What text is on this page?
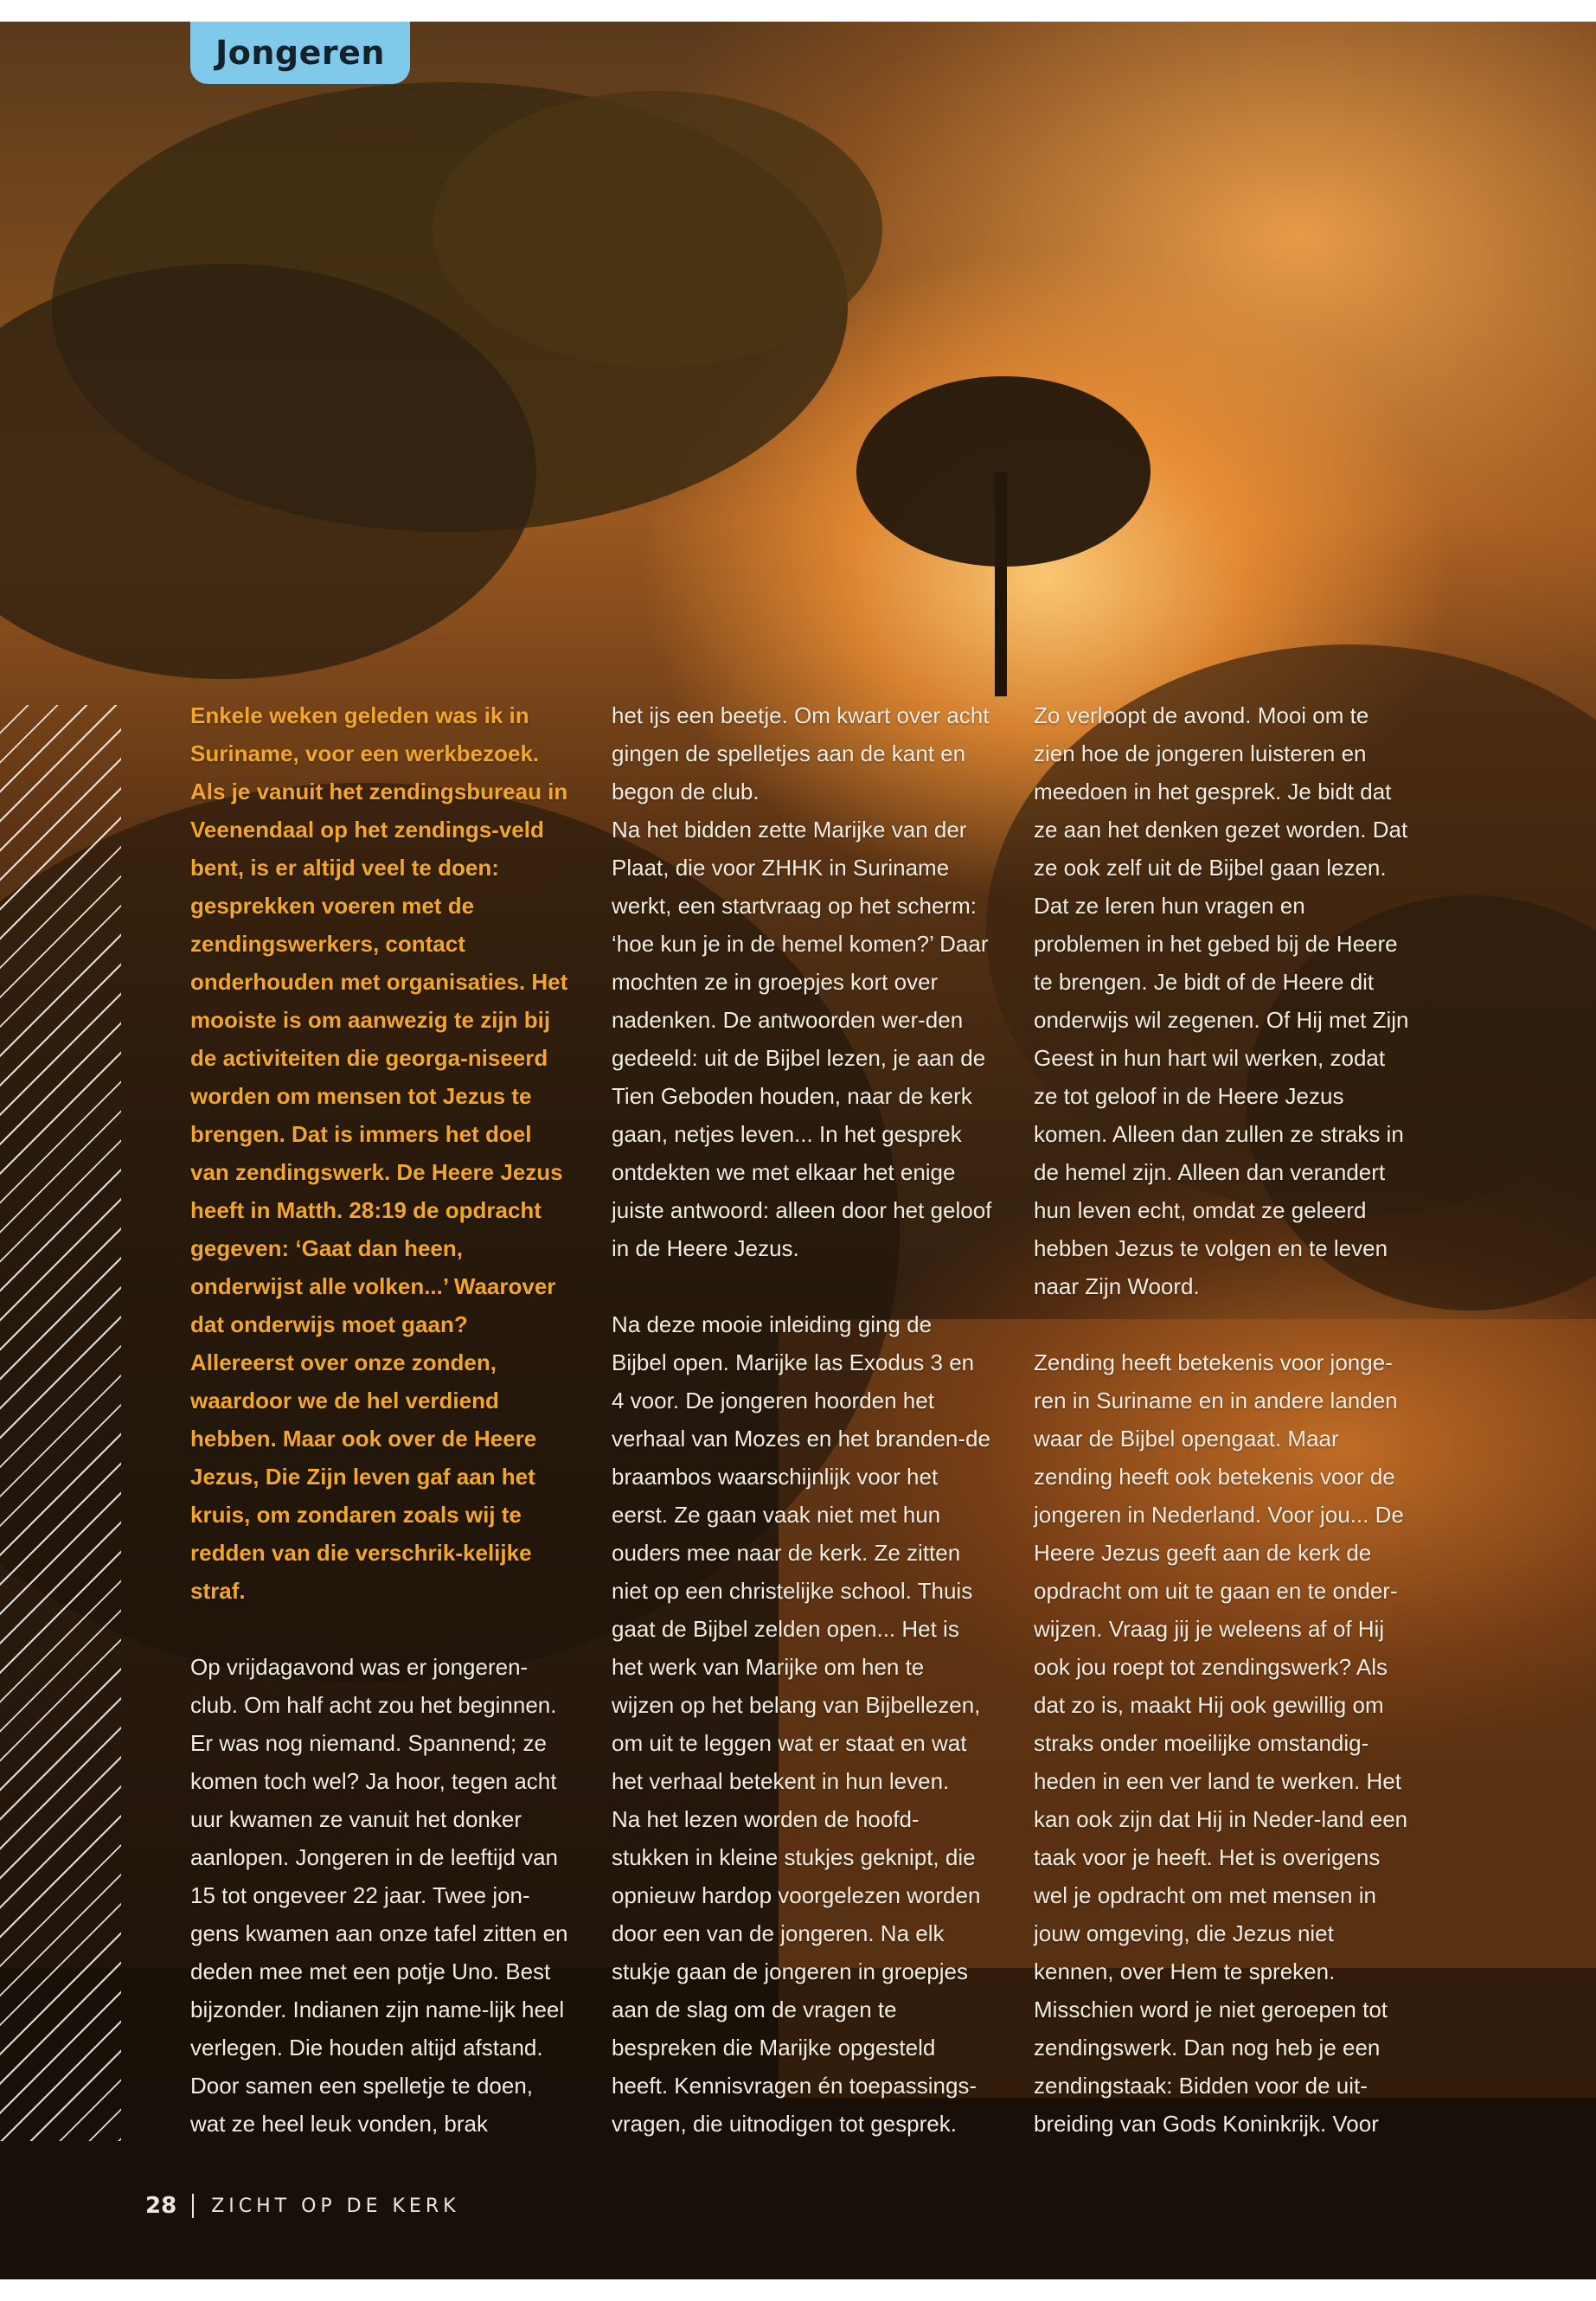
Jongeren

Enkele weken geleden was ik in Suriname, voor een werkbezoek. Als je vanuit het zendingsbureau in Veenendaal op het zendings-veld bent, is er altijd veel te doen: gesprekken voeren met de zendingswerkers, contact onderhouden met organisaties. Het mooiste is om aanwezig te zijn bij de activiteiten die georga-niseerd worden om mensen tot Jezus te brengen. Dat is immers het doel van zendingswerk. De Heere Jezus heeft in Matth. 28:19 de opdracht gegeven: ‘Gaat dan heen, onderwijst alle volken...’ Waarover dat onderwijs moet gaan? Allereerst over onze zonden, waardoor we de hel verdiend hebben. Maar ook over de Heere Jezus, Die Zijn leven gaf aan het kruis, om zondaren zoals wij te redden van die verschrik-kelijke straf.

Op vrijdagavond was er jongeren-club. Om half acht zou het beginnen. Er was nog niemand. Spannend; ze komen toch wel? Ja hoor, tegen acht uur kwamen ze vanuit het donker aanlopen. Jongeren in de leeftijd van 15 tot ongeveer 22 jaar. Twee jon-gens kwamen aan onze tafel zitten en deden mee met een potje Uno. Best bijzonder. Indianen zijn name-lijk heel verlegen. Die houden altijd afstand. Door samen een spelletje te doen, wat ze heel leuk vonden, brak

het ijs een beetje. Om kwart over acht gingen de spelletjes aan de kant en begon de club.

Na het bidden zette Marijke van der Plaat, die voor ZHHK in Suriname werkt, een startvraag op het scherm: ‘hoe kun je in de hemel komen?’ Daar mochten ze in groepjes kort over nadenken. De antwoorden wer-den gedeeld: uit de Bijbel lezen, je aan de Tien Geboden houden, naar de kerk gaan, netjes leven... In het gesprek ontdekten we met elkaar het enige juiste antwoord: alleen door het geloof in de Heere Jezus.

Na deze mooie inleiding ging de Bijbel open. Marijke las Exodus 3 en 4 voor. De jongeren hoorden het verhaal van Mozes en het branden-de braambos waarschijnlijk voor het eerst. Ze gaan vaak niet met hun ouders mee naar de kerk. Ze zitten niet op een christelijke school. Thuis gaat de Bijbel zelden open... Het is het werk van Marijke om hen te wijzen op het belang van Bijbellezen, om uit te leggen wat er staat en wat het verhaal betekent in hun leven.

Na het lezen worden de hoofd-stukken in kleine stukjes geknipt, die opnieuw hardop voorgelezen worden door een van de jongeren. Na elk stukje gaan de jongeren in groepjes aan de slag om de vragen te bespreken die Marijke opgesteld heeft. Kennisvragen én toepassings-vragen, die uitnodigen tot gesprek.

Zo verloopt de avond. Mooi om te zien hoe de jongeren luisteren en meedoen in het gesprek. Je bidt dat ze aan het denken gezet worden. Dat ze ook zelf uit de Bijbel gaan lezen. Dat ze leren hun vragen en problemen in het gebed bij de Heere te brengen. Je bidt of de Heere dit onderwijs wil zegenen. Of Hij met Zijn Geest in hun hart wil werken, zodat ze tot geloof in de Heere Jezus komen. Alleen dan zullen ze straks in de hemel zijn. Alleen dan verandert hun leven echt, omdat ze geleerd hebben Jezus te volgen en te leven naar Zijn Woord.

Zending heeft betekenis voor jonge-ren in Suriname en in andere landen waar de Bijbel opengaat. Maar zending heeft ook betekenis voor de jongeren in Nederland. Voor jou... De Heere Jezus geeft aan de kerk de opdracht om uit te gaan en te onder-wijzen. Vraag jij je weleens af of Hij ook jou roept tot zendingswerk? Als dat zo is, maakt Hij ook gewillig om straks onder moeilijke omstandig-heden in een ver land te werken. Het kan ook zijn dat Hij in Neder-land een taak voor je heeft. Het is overigens wel je opdracht om met mensen in jouw omgeving, die Jezus niet kennen, over Hem te spreken. Misschien word je niet geroepen tot zendingswerk. Dan nog heb je een zendingstaak: Bidden voor de uit-breiding van Gods Koninkrijk. Voor

28 ZICHT OP DE KERK
